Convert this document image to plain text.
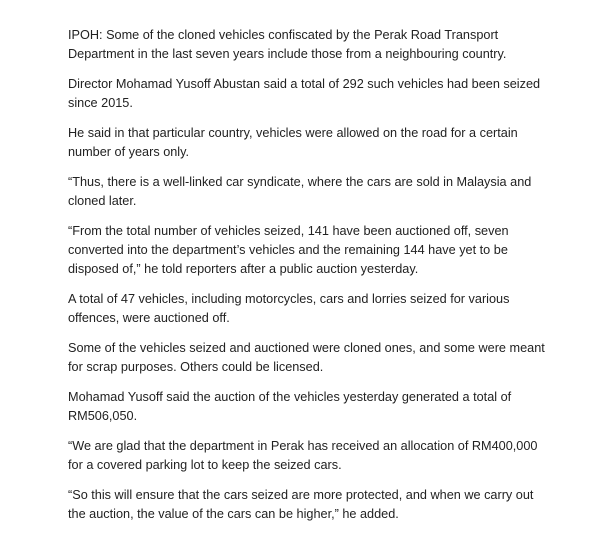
IPOH: Some of the cloned vehicles confiscated by the Perak Road Transport Department in the last seven years include those from a neighbouring country.

Director Mohamad Yusoff Abustan said a total of 292 such vehicles had been seized since 2015.

He said in that particular country, vehicles were allowed on the road for a certain number of years only.

“Thus, there is a well-linked car syndicate, where the cars are sold in Malaysia and cloned later.

“From the total number of vehicles seized, 141 have been auctioned off, seven converted into the department’s vehicles and the remaining 144 have yet to be disposed of,” he told reporters after a public auction yesterday.

A total of 47 vehicles, including motorcycles, cars and lorries seized for various offences, were auctioned off.

Some of the vehicles seized and auctioned were cloned ones, and some were meant for scrap purposes. Others could be licensed.

Mohamad Yusoff said the auction of the vehicles yesterday generated a total of RM506,050.

“We are glad that the department in Perak has received an allocation of RM400,000 for a covered parking lot to keep the seized cars.

“So this will ensure that the cars seized are more protected, and when we carry out the auction, the value of the cars can be higher,” he added.
